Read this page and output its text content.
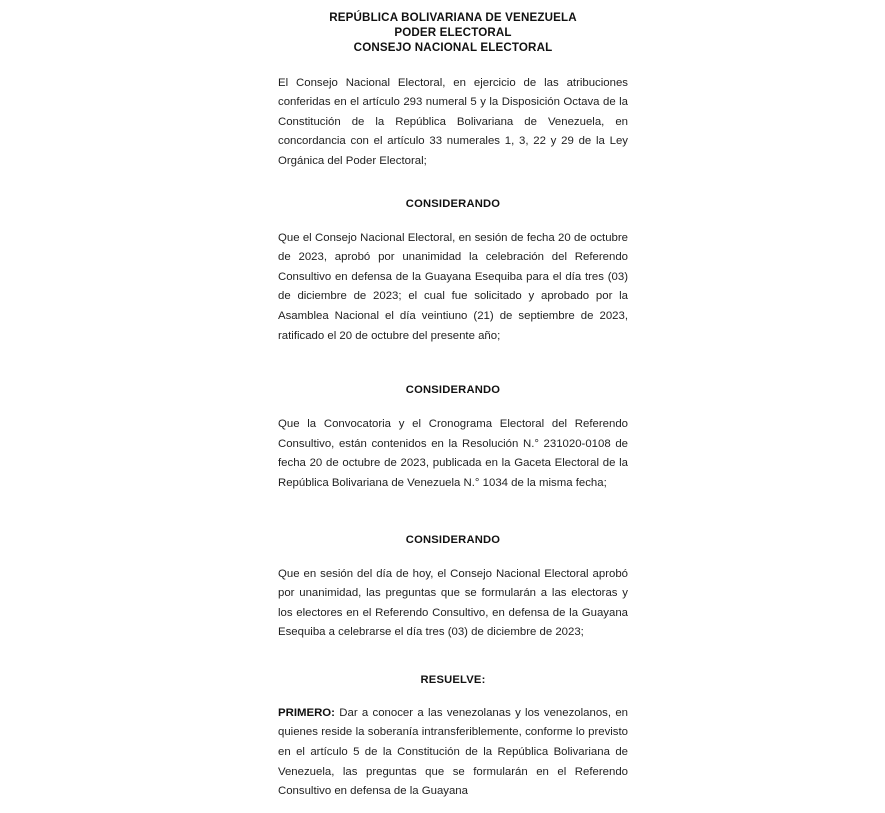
REPÚBLICA BOLIVARIANA DE VENEZUELA
PODER ELECTORAL
CONSEJO NACIONAL ELECTORAL

El Consejo Nacional Electoral, en ejercicio de las atribuciones conferidas en el artículo 293 numeral 5 y la Disposición Octava de la Constitución de la República Bolivariana de Venezuela, en concordancia con el artículo 33 numerales 1, 3, 22 y 29 de la Ley Orgánica del Poder Electoral;

CONSIDERANDO

Que el Consejo Nacional Electoral, en sesión de fecha 20 de octubre de 2023, aprobó por unanimidad la celebración del Referendo Consultivo en defensa de la Guayana Esequiba para el día tres (03) de diciembre de 2023; el cual fue solicitado y aprobado por la Asamblea Nacional el día veintiuno (21) de septiembre de 2023, ratificado el 20 de octubre del presente año;

CONSIDERANDO

Que la Convocatoria y el Cronograma Electoral del Referendo Consultivo, están contenidos en la Resolución N.° 231020-0108 de fecha 20 de octubre de 2023, publicada en la Gaceta Electoral de la República Bolivariana de Venezuela N.° 1034 de la misma fecha;

CONSIDERANDO

Que en sesión del día de hoy, el Consejo Nacional Electoral aprobó por unanimidad, las preguntas que se formularán a las electoras y los electores en el Referendo Consultivo, en defensa de la Guayana Esequiba a celebrarse el día tres (03) de diciembre de 2023;

RESUELVE:

PRIMERO: Dar a conocer a las venezolanas y los venezolanos, en quienes reside la soberanía intransferiblemente, conforme lo previsto en el artículo 5 de la Constitución de la República Bolivariana de Venezuela, las preguntas que se formularán en el Referendo Consultivo en defensa de la Guayana
